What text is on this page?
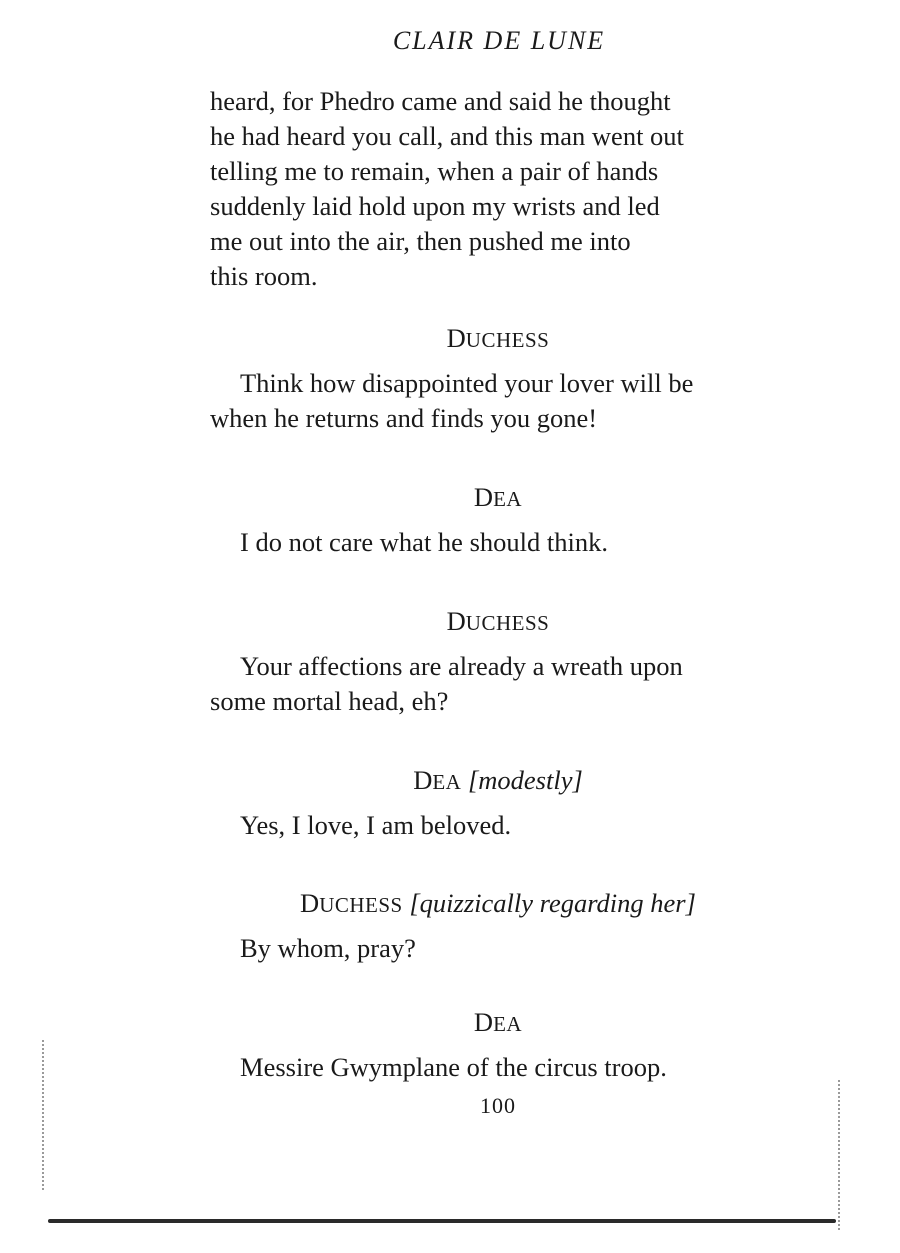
CLAIR DE LUNE
heard, for Phedro came and said he thought
he had heard you call, and this man went out
telling me to remain, when a pair of hands
suddenly laid hold upon my wrists and led
me out into the air, then pushed me into
this room.
DUCHESS
Think how disappointed your lover will be
when he returns and finds you gone!
DEA
I do not care what he should think.
DUCHESS
Your affections are already a wreath upon
some mortal head, eh?
DEA [modestly]
Yes, I love, I am beloved.
DUCHESS [quizzically regarding her]
By whom, pray?
DEA
Messire Gwymplane of the circus troop.
100
